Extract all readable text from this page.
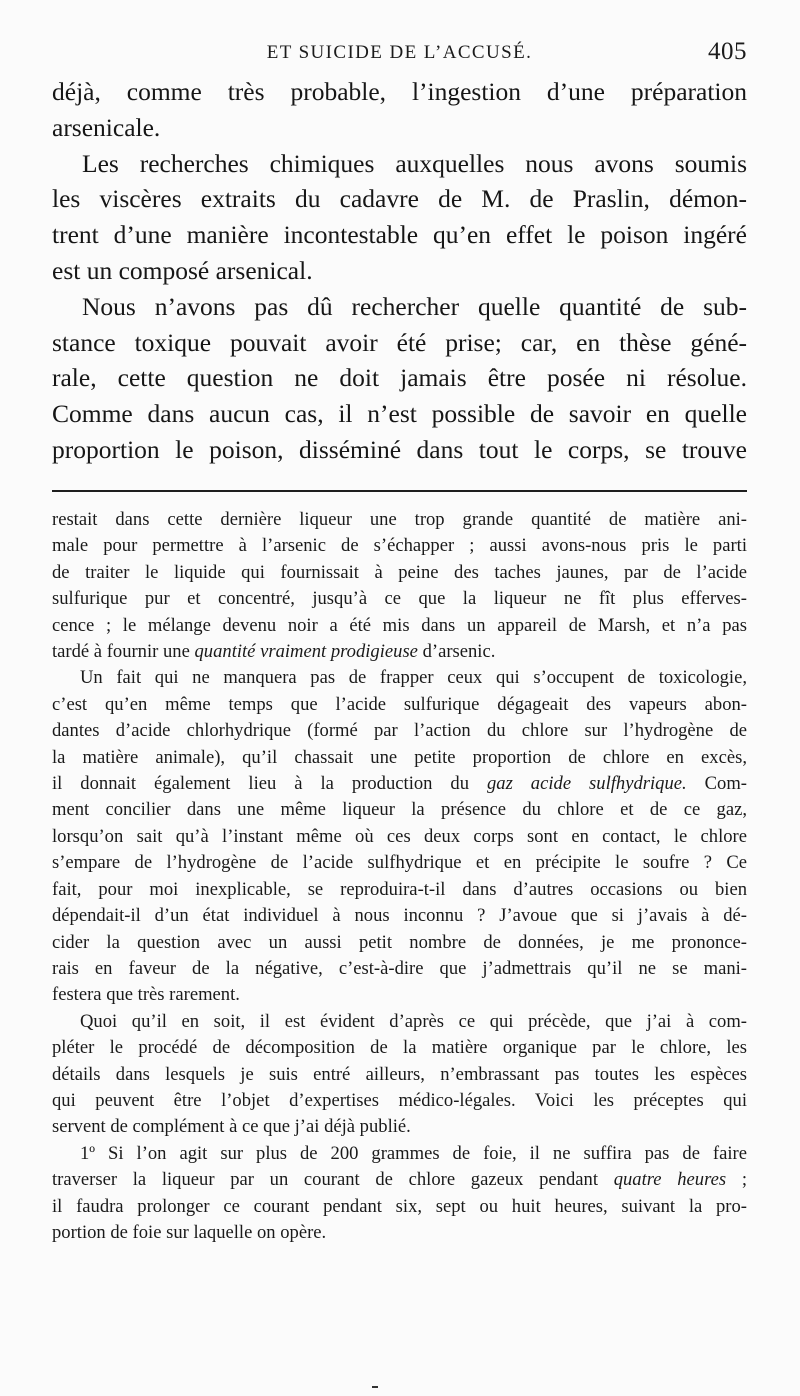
ET SUICIDE DE L’ACCUSÉ.	405

déjà, comme très probable, l’ingestion d’une préparation
arsenicale.

Les recherches chimiques auxquelles nous avons soumis
les viscères extraits du cadavre de M. de Praslin, démon-
trent d’une manière incontestable qu’en effet le poison ingéré
est un composé arsenical.

Nous n’avons pas dû rechercher quelle quantité de sub-
stance toxique pouvait avoir été prise; car, en thèse géné-
rale, cette question ne doit jamais être posée ni résolue.
Comme dans aucun cas, il n’est possible de savoir en quelle
proportion le poison, disséminé dans tout le corps, se trouve

restait dans cette dernière liqueur une trop grande quantité de matière ani-
male pour permettre à l’arsenic de s’échapper ; aussi avons-nous pris le parti
de traiter le liquide qui fournissait à peine des taches jaunes, par de l’acide
sulfurique pur et concentré, jusqu’à ce que la liqueur ne fît plus efferves-
cence ; le mélange devenu noir a été mis dans un appareil de Marsh, et n’a pas
tardé à fournir une quantité vraiment prodigieuse d’arsenic.

Un fait qui ne manquera pas de frapper ceux qui s’occupent de toxicologie,
c’est qu’en même temps que l’acide sulfurique dégageait des vapeurs abon-
dantes d’acide chlorhydrique (formé par l’action du chlore sur l’hydrogène de
la matière animale), qu’il chassait une petite proportion de chlore en excès,
il donnait également lieu à la production du gaz acide sulfhydrique. Com-
ment concilier dans une même liqueur la présence du chlore et de ce gaz,
lorsqu’on sait qu’à l’instant même où ces deux corps sont en contact, le chlore
s’empare de l’hydrogène de l’acide sulfhydrique et en précipite le soufre ? Ce
fait, pour moi inexplicable, se reproduira-t-il dans d’autres occasions ou bien
dépendait-il d’un état individuel à nous inconnu ? J’avoue que si j’avais à dé-
cider la question avec un aussi petit nombre de données, je me prononce-
rais en faveur de la négative, c’est-à-dire que j’admettrais qu’il ne se mani-
festera que très rarement.

Quoi qu’il en soit, il est évident d’après ce qui précède, que j’ai à com-
pléter le procédé de décomposition de la matière organique par le chlore, les
détails dans lesquels je suis entré ailleurs, n’embrassant pas toutes les espèces
qui peuvent être l’objet d’expertises médico-légales. Voici les préceptes qui
servent de complément à ce que j’ai déjà publié.

1º Si l’on agit sur plus de 200 grammes de foie, il ne suffira pas de faire
traverser la liqueur par un courant de chlore gazeux pendant quatre heures ;
il faudra prolonger ce courant pendant six, sept ou huit heures, suivant la pro-
portion de foie sur laquelle on opère.
